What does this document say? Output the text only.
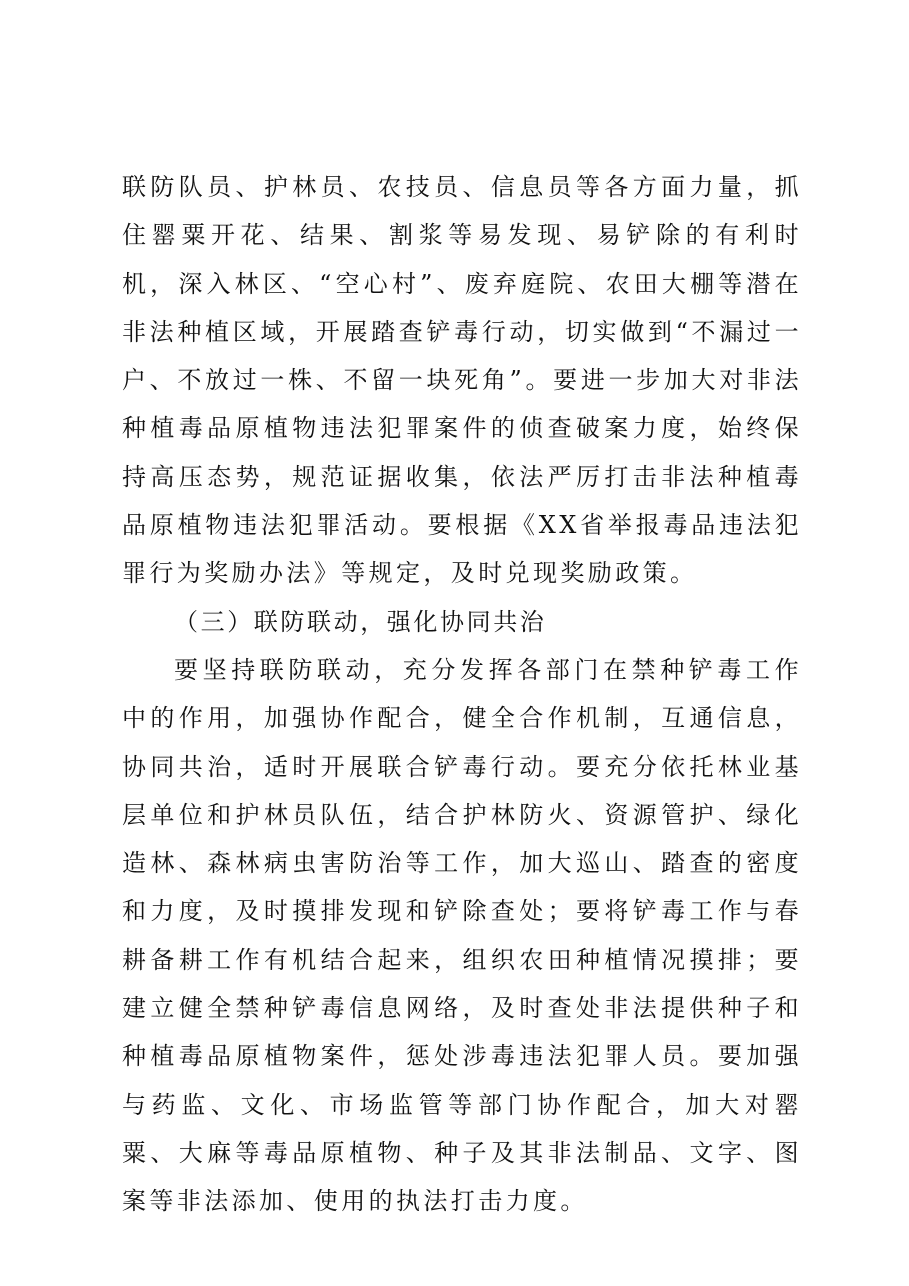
联防队员、护林员、农技员、信息员等各方面力量，抓住罂粟开花、结果、割浆等易发现、易铲除的有利时机，深入林区、“空心村”、废弃庭院、农田大棚等潜在非法种植区域，开展踏查铲毒行动，切实做到“不漏过一户、不放过一株、不留一块死角”。要进一步加大对非法种植毒品原植物违法犯罪案件的侦查破案力度，始终保持高压态势，规范证据收集，依法严厉打击非法种植毒品原植物违法犯罪活动。要根据《XX省举报毒品违法犯罪行为奖励办法》等规定，及时兑现奖励政策。

（三）联防联动，强化协同共治

要坚持联防联动，充分发挥各部门在禁种铲毒工作中的作用，加强协作配合，健全合作机制，互通信息，协同共治，适时开展联合铲毒行动。要充分依托林业基层单位和护林员队伍，结合护林防火、资源管护、绿化造林、森林病虫害防治等工作，加大巡山、踏查的密度和力度，及时摸排发现和铲除查处；要将铲毒工作与春耕备耕工作有机结合起来，组织农田种植情况摸排；要建立健全禁种铲毒信息网络，及时查处非法提供种子和种植毒品原植物案件，惩处涉毒违法犯罪人员。要加强与药监、文化、市场监管等部门协作配合，加大对罂粟、大麻等毒品原植物、种子及其非法制品、文字、图案等非法添加、使用的执法打击力度。
